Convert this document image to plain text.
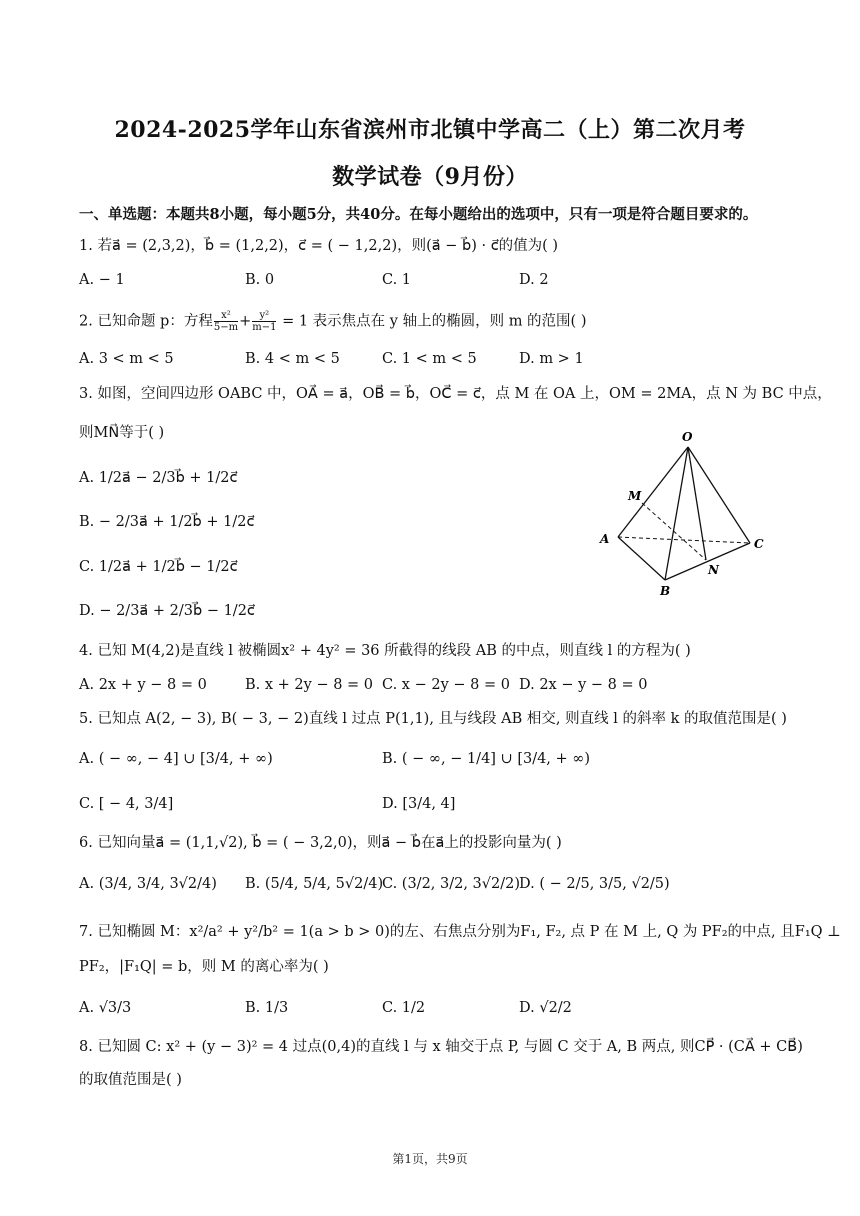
2024-2025学年山东省滨州市北镇中学高二（上）第二次月考
数学试卷（9月份）
一、单选题：本题共8小题，每小题5分，共40分。在每小题给出的选项中，只有一项是符合题目要求的。
1. 若a⃗ = (2,3,2)，b⃗ = (1,2,2)，c⃗ = ( − 1,2,2)，则(a⃗ − b⃗) · c⃗的值为( )
A. − 1	B. 0	C. 1	D. 2
2. 已知命题 p：方程 $\frac{\text{x²}}{5-m} + \frac{\text{y²}}{m-1} = 1$ 表示焦点在 y 轴上的椭圆，则 m 的范围( )
A. 3 < m < 5	B. 4 < m < 5	C. 1 < m < 5	D. m > 1
3. 如图，空间四边形 OABC 中，OA⃗ = a⃗，OB⃗ = b⃗，OC⃗ = c⃗，点 M 在 OA 上，OM = 2MA，点 N 为 BC 中点，
则MN⃗等于( )
A. 1/2a⃗ − 2/3b⃗ + 1/2c⃗
B. − 2/3a⃗ + 1/2b⃗ + 1/2c⃗
C. 1/2a⃗ + 1/2b⃗ − 1/2c⃗
D. − 2/3a⃗ + 2/3b⃗ − 1/2c⃗
O
M
A	C
N
B
4. 已知 M(4,2)是直线 l 被椭圆x² + 4y² = 36 所截得的线段 AB 的中点，则直线 l 的方程为( )
A. 2x + y − 8 = 0	B. x + 2y − 8 = 0 C. x − 2y − 8 = 0 D. 2x − y − 8 = 0
5. 已知点 A(2, − 3), B( − 3, − 2)直线 l 过点 P(1,1), 且与线段 AB 相交, 则直线 l 的斜率 k 的取值范围是( )
A. ( − ∞, − 4] ∪ [3/4, + ∞)	B. ( − ∞, − 1/4] ∪ [3/4, + ∞)
C. [ − 4, 3/4]	D. [3/4, 4]
6. 已知向量a⃗ = (1,1,√2), b⃗ = ( − 3,2,0)，则a⃗ − b⃗在a⃗上的投影向量为( )
A. (3/4, 3/4, 3√2/4) B. (5/4, 5/4, 5√2/4)
C. (3/2, 3/2, 3√2/2)
D. ( − 2/5, 3/5, √2/5)
7. 已知椭圆 M：x²/a² + y²/b² = 1(a > b > 0)的左、右焦点分别为F₁, F₂, 点 P 在 M 上, Q 为 PF₂的中点, 且F₁Q ⊥
PF₂，|F₁Q| = b，则 M 的离心率为( )
A. √3/3	B. 1/3	C. 1/2	D. √2/2
8. 已知圆 C: x² + (y − 3)² = 4 过点(0,4)的直线 l 与 x 轴交于点 P, 与圆 C 交于 A, B 两点, 则CP⃗ · (CA⃗ + CB⃗)
的取值范围是( )
第1页，共9页
